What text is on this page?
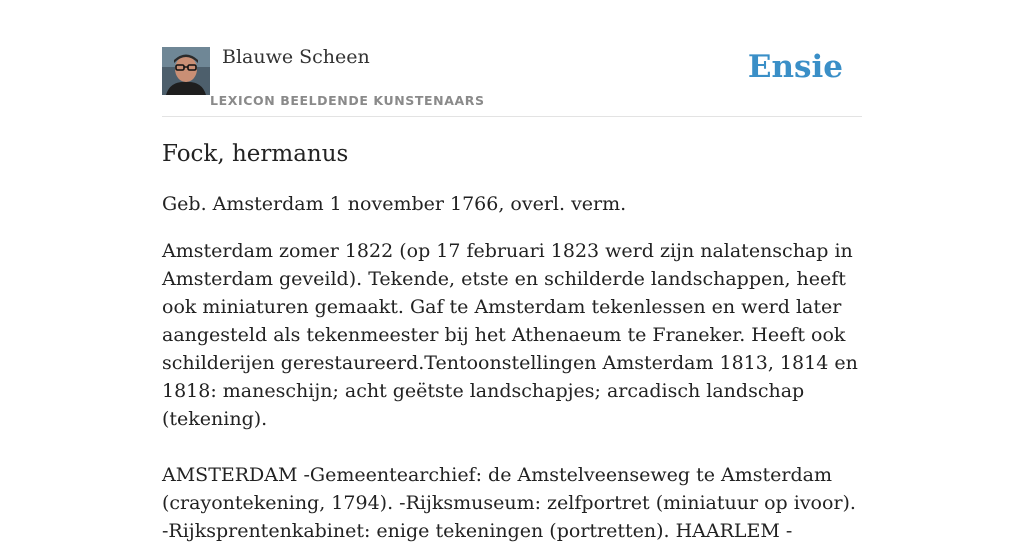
Blauwe Scheen
LEXICON BEELDENDE KUNSTENAARS
Ensie
Fock, hermanus

Geb. Amsterdam 1 november 1766, overl. verm.

Amsterdam zomer 1822 (op 17 februari 1823 werd zijn nalatenschap in Amsterdam geveild). Tekende, etste en schilderde landschappen, heeft ook miniaturen gemaakt. Gaf te Amsterdam tekenlessen en werd later aangesteld als tekenmeester bij het Athenaeum te Franeker. Heeft ook schilderijen gerestaureerd.Tentoonstellingen Amsterdam 1813, 1814 en 1818: maneschijn; acht geëtste landschapjes; arcadisch landschap (tekening).

AMSTERDAM -Gemeentearchief: de Amstelveenseweg te Amsterdam (crayontekening, 1794). -Rijksmuseum: zelfportret (miniatuur op ivoor). -Rijksprentenkabinet: enige tekeningen (portretten). HAARLEM -
